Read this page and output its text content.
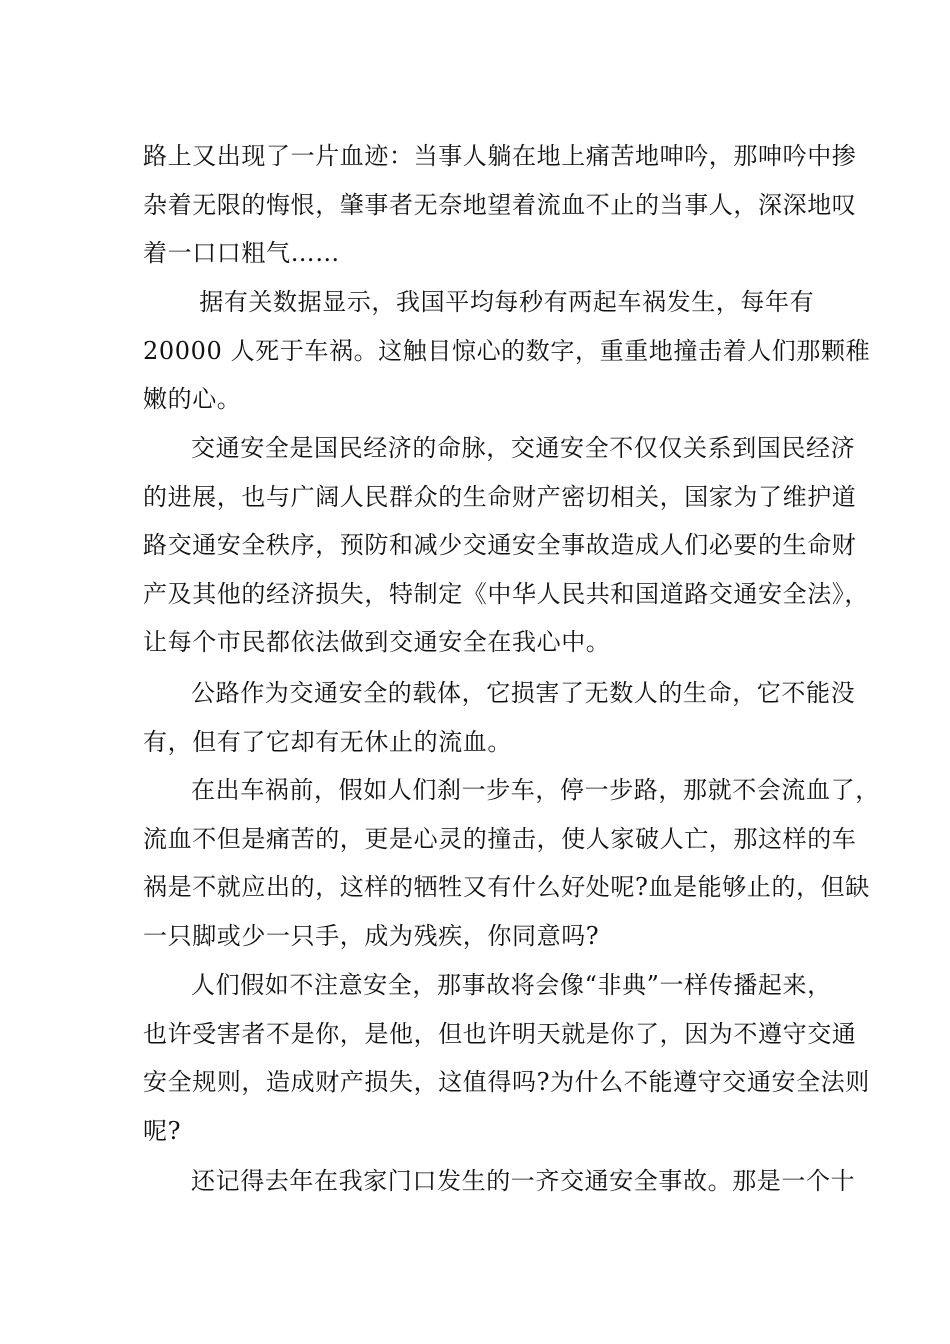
路上又出现了一片血迹：当事人躺在地上痛苦地呻吟，那呻吟中掺
杂着无限的悔恨，肇事者无奈地望着流血不止的当事人，深深地叹
着一口口粗气……
据有关数据显示，我国平均每秒有两起车祸发生，每年有
20000 人死于车祸。这触目惊心的数字，重重地撞击着人们那颗稚
嫩的心。
交通安全是国民经济的命脉，交通安全不仅仅关系到国民经济
的进展，也与广阔人民群众的生命财产密切相关，国家为了维护道
路交通安全秩序，预防和减少交通安全事故造成人们必要的生命财
产及其他的经济损失，特制定《中华人民共和国道路交通安全法》，
让每个市民都依法做到交通安全在我心中。
公路作为交通安全的载体，它损害了无数人的生命，它不能没
有，但有了它却有无休止的流血。
在出车祸前，假如人们刹一步车，停一步路，那就不会流血了，
流血不但是痛苦的，更是心灵的撞击，使人家破人亡，那这样的车
祸是不就应出的，这样的牺牲又有什么好处呢?血是能够止的，但缺
一只脚或少一只手，成为残疾，你同意吗?
人们假如不注意安全，那事故将会像“非典”一样传播起来，
也许受害者不是你，是他，但也许明天就是你了，因为不遵守交通
安全规则，造成财产损失，这值得吗?为什么不能遵守交通安全法则
呢?
还记得去年在我家门口发生的一齐交通安全事故。那是一个十
